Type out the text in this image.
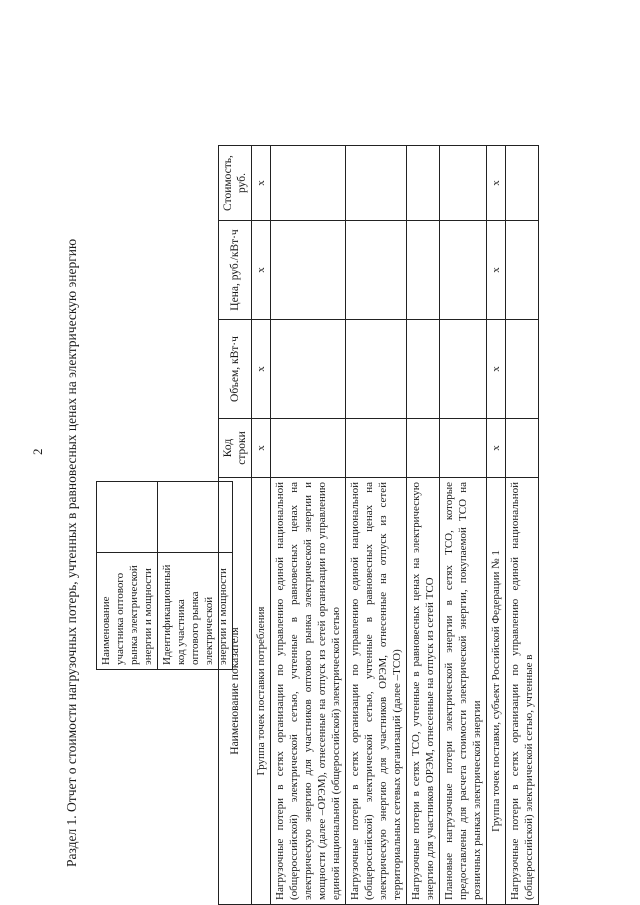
2 Раздел 1. Отчет о стоимости нагрузочных потерь, учтенных в равновесных ценах на электрическую энергию Наименование участника оптового рынка электрической энергии и мощности	
Идентификационный код участника оптового рынка электрической энергии и мощности	
Наименование показателя	Код строки	Объем, кВт·ч	Цена, руб./кВт·ч	Стоимость, руб.
Группа точек поставки потребления	х	х	х	х
Нагрузочные потери в сетях организации по управлению единой национальной (общероссийской) электрической сетью, учтенные в равновесных ценах на электрическую энергию для участников оптового рынка электрической энергии и мощности (далее –ОРЭМ), отнесенные на отпуск из сетей организации по управлению единой национальной (общероссийской) электрической сетью				
Нагрузочные потери в сетях организации по управлению единой национальной (общероссийской) электрической сетью, учтенные в равновесных ценах на электрическую энергию для участников ОРЭМ, отнесенные на отпуск из сетей территориальных сетевых организаций (далее –ТСО)				
Нагрузочные потери в сетях ТСО, учтенные в равновесных ценах на электрическую энергию для участников ОРЭМ, отнесенные на отпуск из сетей ТСО				
Плановые нагрузочные потери электрической энергии в сетях ТСО, которые предоставлены для расчета стоимости электрической энергии, покупаемой ТСО на розничных рынках электрической энергии				
Группа точек поставки, субъект Российской Федерации № 1	х	х	х	х
Нагрузочные потери в сетях организации по управлению единой национальной (общероссийской) электрической сетью, учтенные в				
